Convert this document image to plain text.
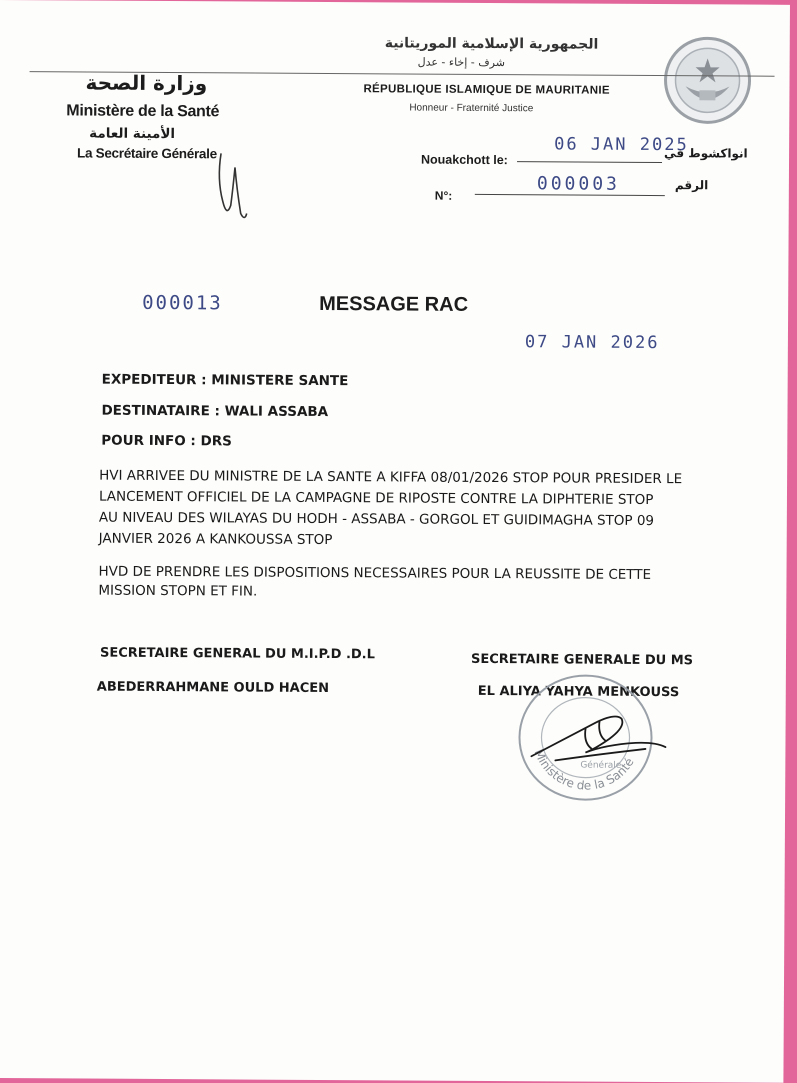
الجمهورية الإسلامية الموريتانية
شرف - إخاء - عدل
RÉPUBLIQUE ISLAMIQUE DE MAURITANIE
Honneur - Fraternité Justice
وزارة الصحة
Ministère de la Santé
الأمينة العامة
La Secrétaire Générale	Nouakchott le:
06 JAN 2025
انواكشوط في
N°:
000003	الرقم
000013	MESSAGE RAC
07 JAN 2026
EXPEDITEUR : MINISTERE SANTE
DESTINATAIRE : WALI ASSABA
POUR INFO : DRS
HVI ARRIVEE DU MINISTRE DE LA SANTE A KIFFA 08/01/2026 STOP POUR PRESIDER LE
LANCEMENT OFFICIEL DE LA CAMPAGNE DE RIPOSTE CONTRE LA DIPHTERIE STOP
AU NIVEAU DES WILAYAS DU HODH - ASSABA - GORGOL ET GUIDIMAGHA STOP 09
JANVIER 2026 A KANKOUSSA STOP
HVD DE PRENDRE LES DISPOSITIONS NECESSAIRES POUR LA REUSSITE DE CETTE
MISSION STOPN ET FIN.
SECRETAIRE GENERAL DU M.I.P.D .D.L
ABEDERRAHMANE OULD HACEN
SECRETAIRE GENERALE DU MS
EL ALIYA YAHYA MENKOUSS
Ministère de la Santé
Générale
